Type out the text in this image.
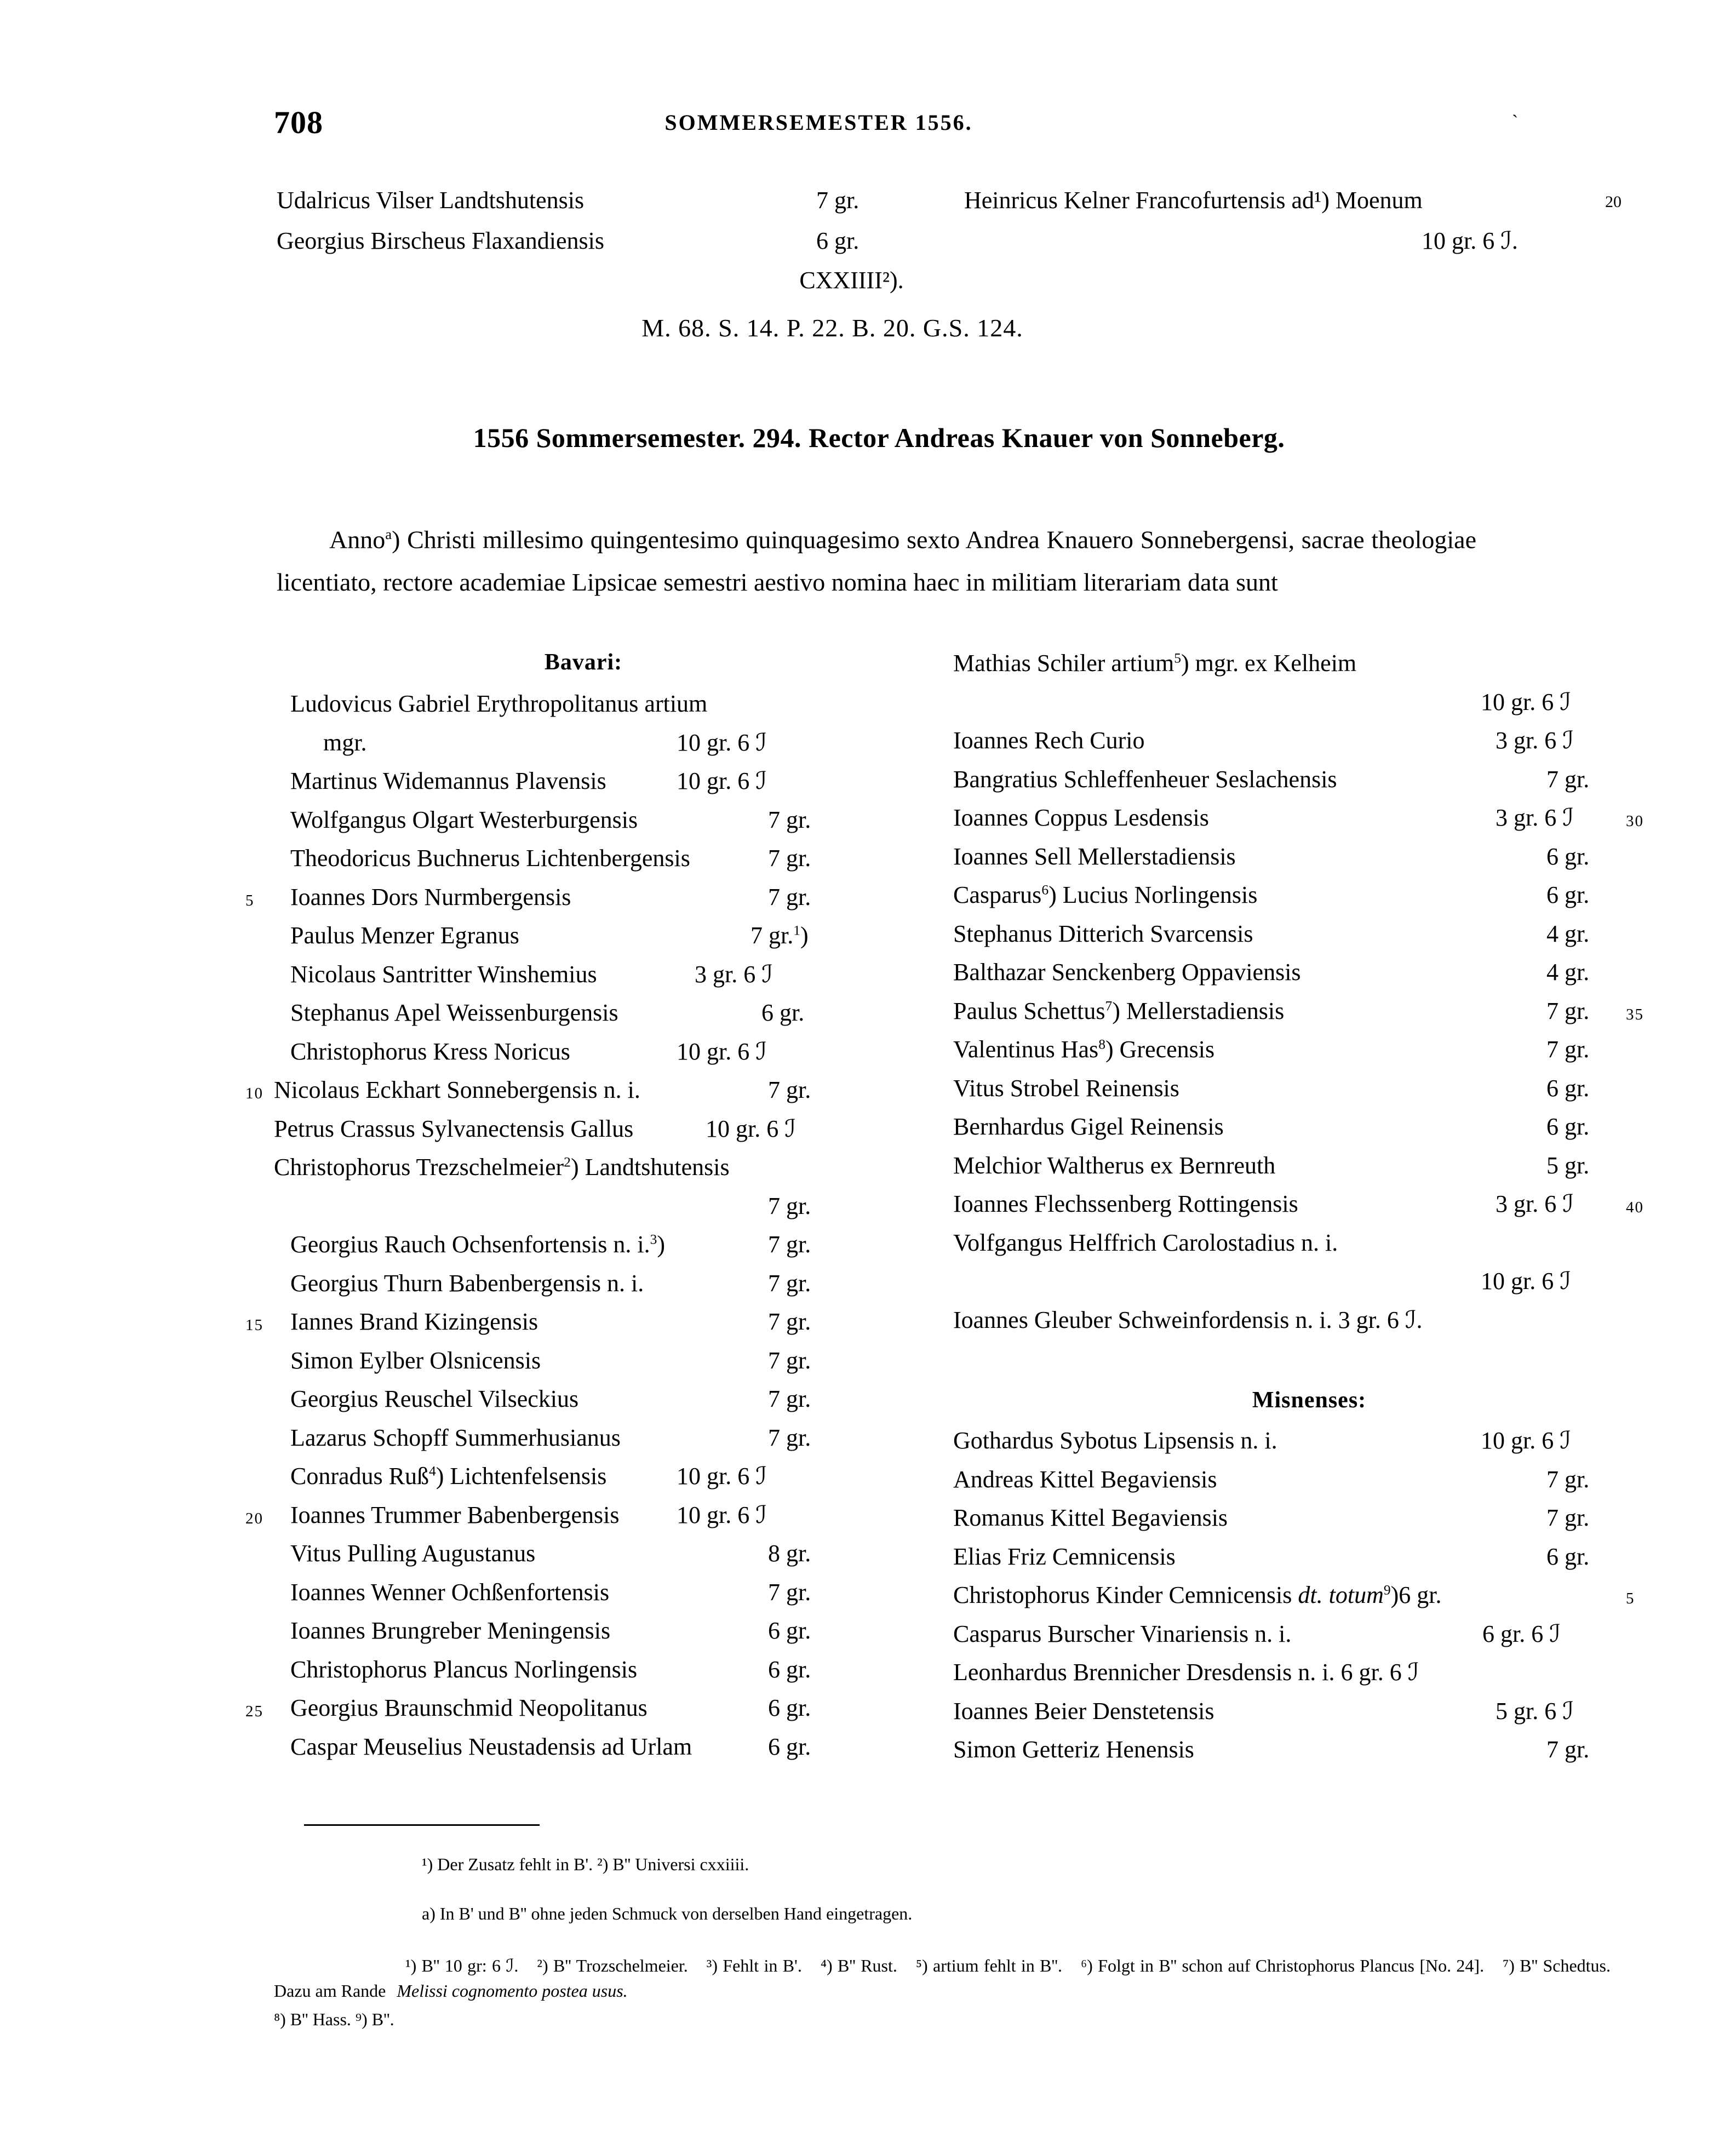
708	SOMMERSEMESTER 1556.	`
Udalricus Vilser Landtshutensis	7 gr.	Heinricus Kelner Francofurtensis ad¹) Moenum	20
Georgius Birscheus Flaxandiensis	6 gr.	10 gr. 6 ℐ.
CXXIIII²).
M. 68. S. 14. P. 22. B. 20. G.S. 124.
1556 Sommersemester. 294. Rector Andreas Knauer von Sonneberg.

Anno$^a$) Christi millesimo quingentesimo quinquagesimo sexto Andrea Knauero Sonnebergensi, sacrae theologiae licentiato, rectore academiae Lipsicae semestri aestivo nomina haec in militiam literariam data sunt

Bavari:
Ludovicus Gabriel Erythropolitanus artium
mgr.	10 gr. 6 ℐ
Martinus Widemannus Plavensis	10 gr. 6 ℐ
Wolfgangus Olgart Westerburgensis	7 gr.
Theodoricus Buchnerus Lichtenbergensis	7 gr.
5 Ioannes Dors Nurmbergensis	7 gr.
Paulus Menzer Egranus	7 gr.$^1$)
Nicolaus Santritter Winshemius	3 gr. 6 ℐ
Stephanus Apel Weissenburgensis	6 gr.
Christophorus Kress Noricus	10 gr. 6 ℐ
10 Nicolaus Eckhart Sonnebergensis n. i.	7 gr.
Petrus Crassus Sylvanectensis Gallus	10 gr. 6 ℐ
Christophorus Trezschelmeier$^2$) Landtshutensis
7 gr.
Georgius Rauch Ochsenfortensis n. i.$^3$)	7 gr.
Georgius Thurn Babenbergensis n. i.	7 gr.
15 Iannes Brand Kizingensis	7 gr.
Simon Eylber Olsnicensis	7 gr.
Georgius Reuschel Vilseckius	7 gr.
Lazarus Schopff Summerhusianus	7 gr.
Conradus Ruß$^4$) Lichtenfelsensis	10 gr. 6 ℐ
20 Ioannes Trummer Babenbergensis 10 gr. 6 ℐ
Vitus Pulling Augustanus	8 gr.
Ioannes Wenner Ochßenfortensis	7 gr.
Ioannes Brungreber Meningensis	6 gr.
Christophorus Plancus Norlingensis	6 gr.
25 Georgius Braunschmid Neopolitanus	6 gr.
Caspar Meuselius Neustadensis ad Urlam	6 gr.
Mathias Schiler artium$^5$) mgr. ex Kelheim
10 gr. 6 ℐ
Ioannes Rech Curio	3 gr. 6 ℐ
Bangratius Schleffenheuer Seslachensis	7 gr.
30
Ioannes Coppus Lesdensis	3 gr. 6 ℐ
Ioannes Sell Mellerstadiensis	6 gr.
Casparus$^6$) Lucius Norlingensis	6 gr.
Stephanus Ditterich Svarcensis	4 gr.
Balthazar Senckenberg Oppaviensis	4 gr.
35
Paulus Schettus$^7$) Mellerstadiensis	7 gr.
Valentinus Has$^8$) Grecensis	7 gr.
Vitus Strobel Reinensis	6 gr.
Bernhardus Gigel Reinensis	6 gr.
Melchior Waltherus ex Bernreuth	5 gr.
40
Ioannes Flechssenberg Rottingensis	3 gr. 6 ℐ
Volfgangus Helffrich Carolostadius n. i.
10 gr. 6 ℐ
Ioannes Gleuber Schweinfordensis n. i. 3 gr. 6 ℐ.
Misnenses:
Gothardus Sybotus Lipsensis n. i.	10 gr. 6 ℐ
Andreas Kittel Begaviensis	7 gr.
Romanus Kittel Begaviensis	7 gr.
Elias Friz Cemnicensis	6 gr.
5
Christophorus Kinder Cemnicensis dt. totum$^9$)6 gr.
Casparus Burscher Vinariensis n. i.	6 gr. 6 ℐ
Leonhardus Brennicher Dresdensis n. i. 6 gr. 6 ℐ
Ioannes Beier Denstetensis	5 gr. 6 ℐ
Simon Getteriz Henensis	7 gr.
¹) Der Zusatz fehlt in B'. ²) B'' Universi cxxiiii.
a) In B' und B'' ohne jeden Schmuck von derselben Hand eingetragen.
¹) B'' 10 gr: 6 ℐ. ²) B'' Trozschelmeier. ³) Fehlt in B'. ⁴) B'' Rust. ⁵) artium fehlt in B''. ⁶) Folgt in B'' schon auf Christophorus Plancus [No. 24]. ⁷) B'' Schedtus. Dazu am Rande Melissi cognomento postea usus.
⁸) B'' Hass. ⁹) B''.
